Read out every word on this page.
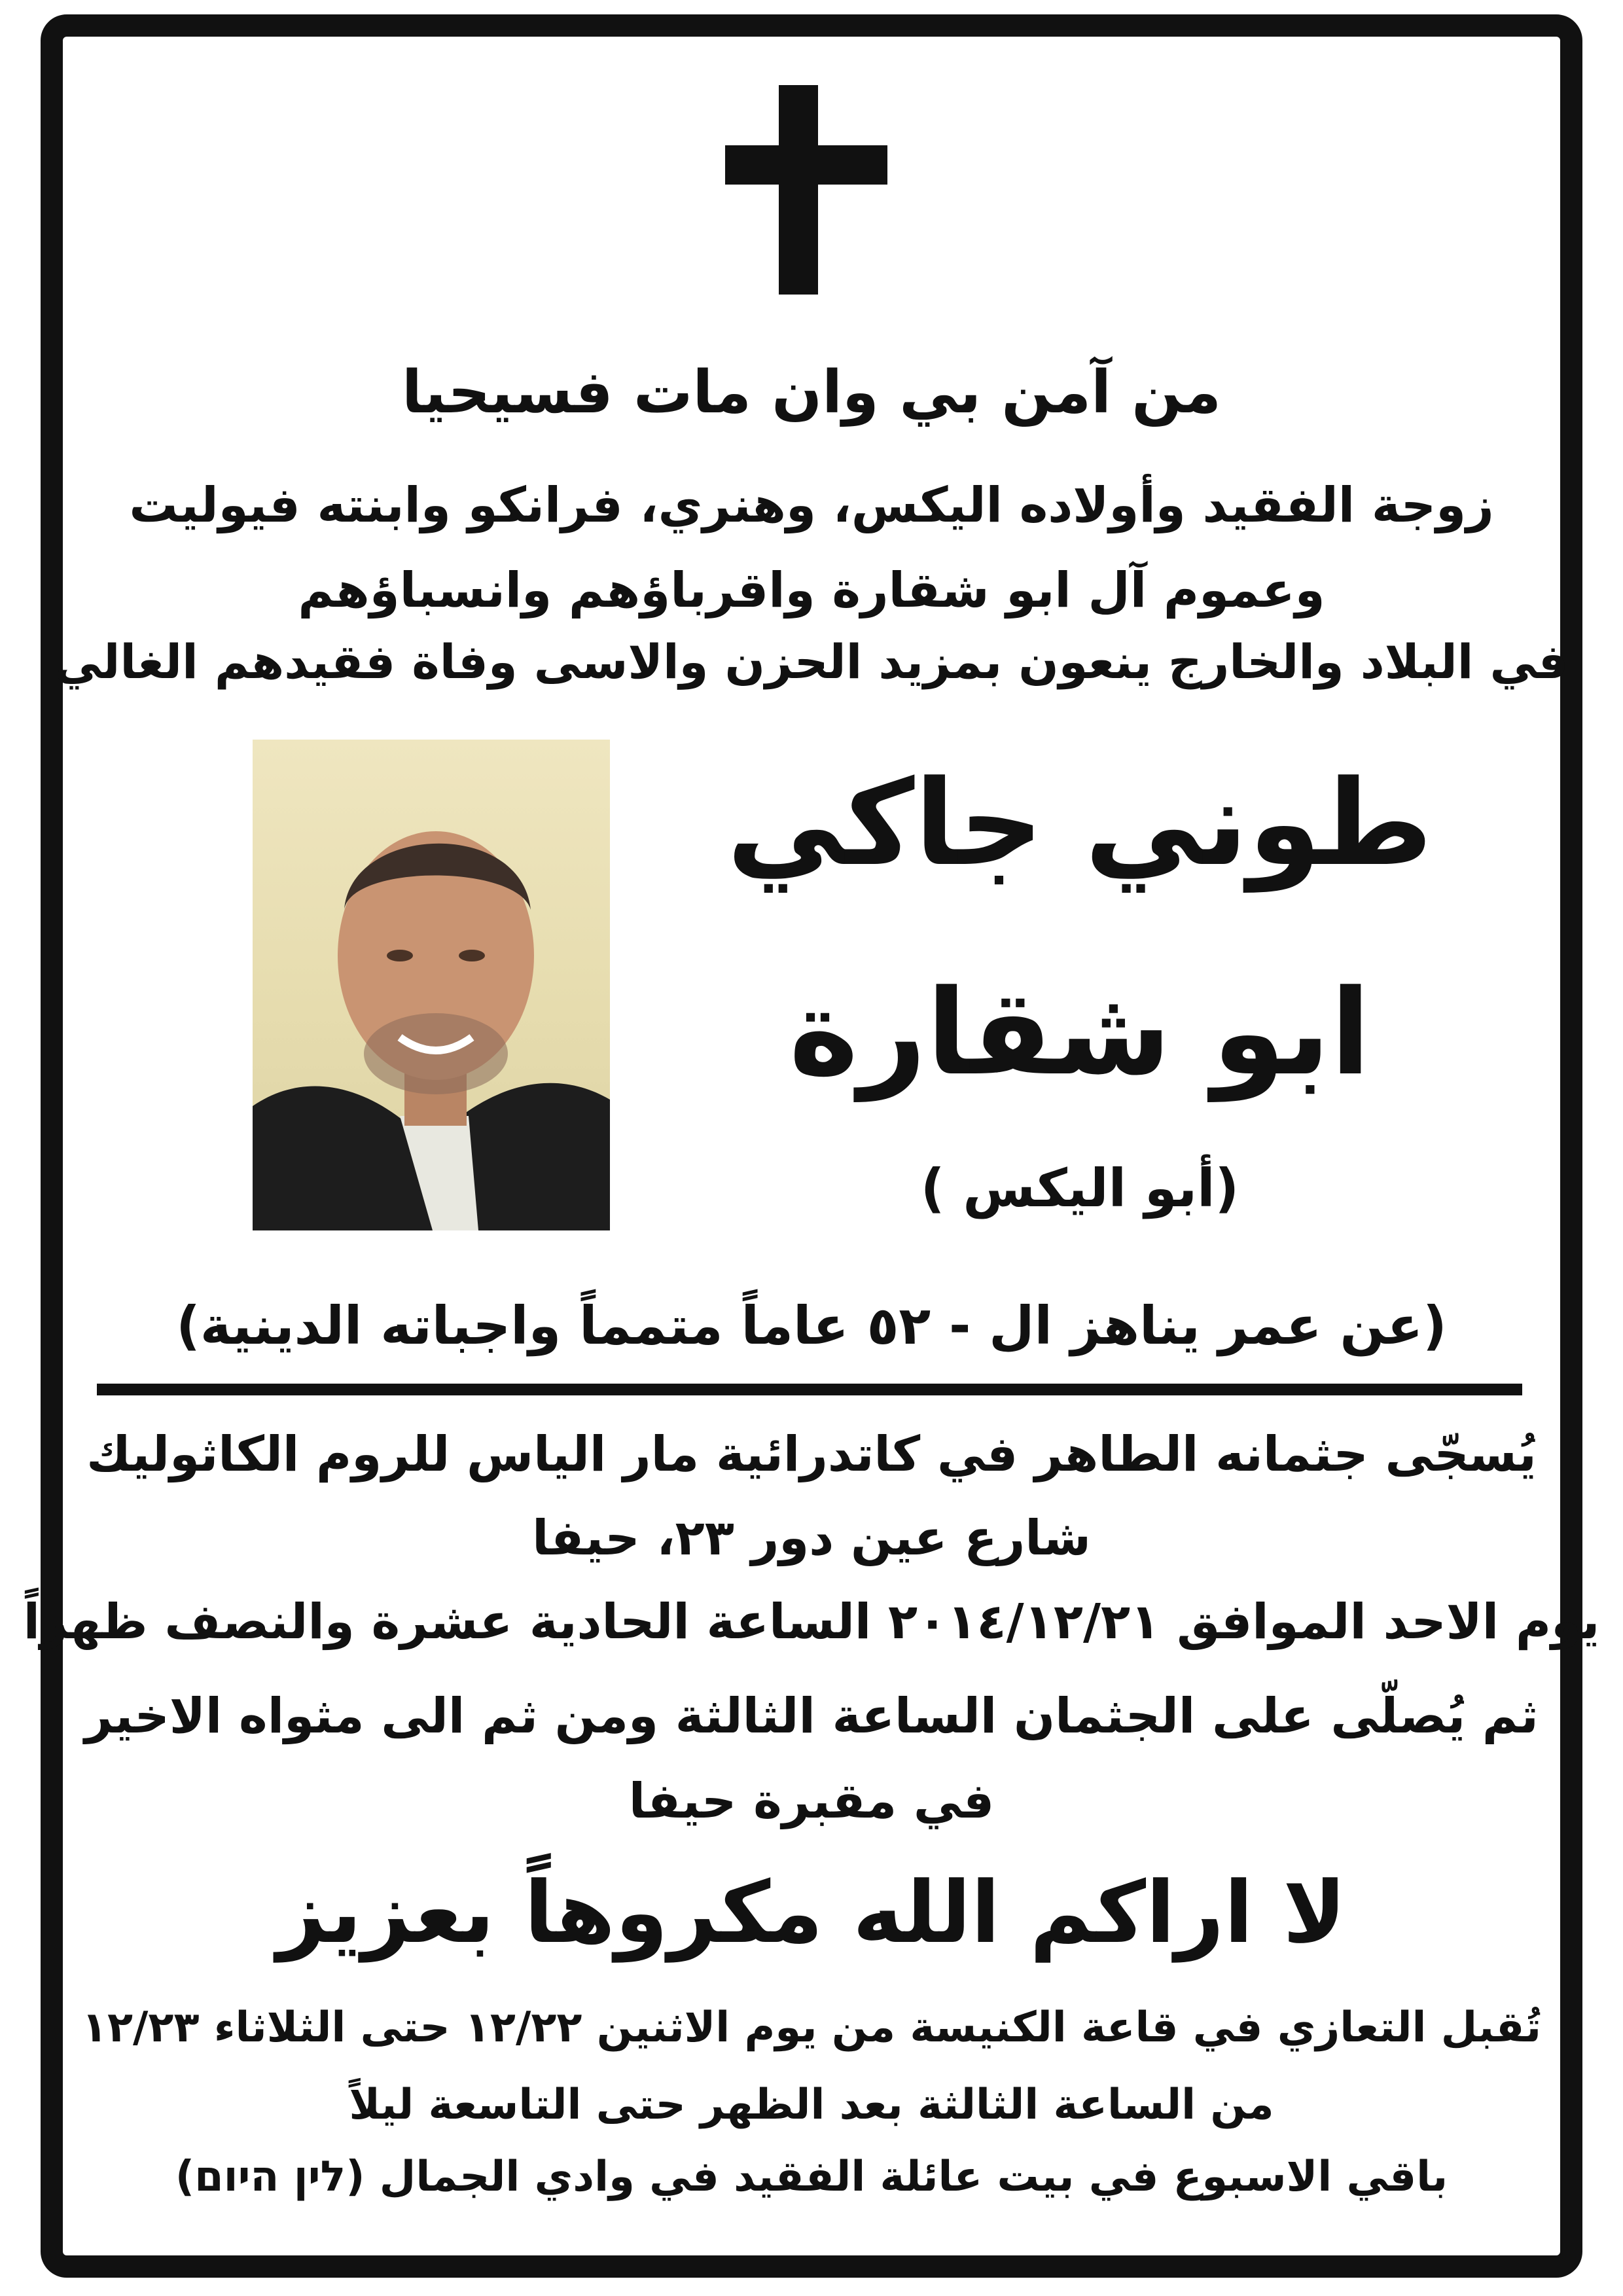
من آمن بي وان مات فسيحيا
زوجة الفقيد وأولاده اليكس، وهنري، فرانكو وابنته فيوليت
وعموم آل ابو شقارة واقرباؤهم وانسباؤهم
في البلاد والخارج ينعون بمزيد الحزن والاسى وفاة فقيدهم الغالي
طوني جاكي
ابو شقارة
(أبو اليكس )
(عن عمر يناهز ال - ٥٢ عاماً متمماً واجباته الدينية)
يُسجّى جثمانه الطاهر في كاتدرائية مار الياس للروم الكاثوليك
شارع عين دور ٢٣، حيفا
يوم الاحد الموافق ٢٠١٤/١٢/٢١ الساعة الحادية عشرة والنصف ظهراً
ثم يُصلّى على الجثمان الساعة الثالثة ومن ثم الى مثواه الاخير
في مقبرة حيفا
لا اراكم الله مكروهاً بعزيز
تُقبل التعازي في قاعة الكنيسة من يوم الاثنين ١٢/٢٢ حتى الثلاثاء ١٢/٢٣
من الساعة الثالثة بعد الظهر حتى التاسعة ليلاً
باقي الاسبوع في بيت عائلة الفقيد في وادي الجمال (לין היום)
